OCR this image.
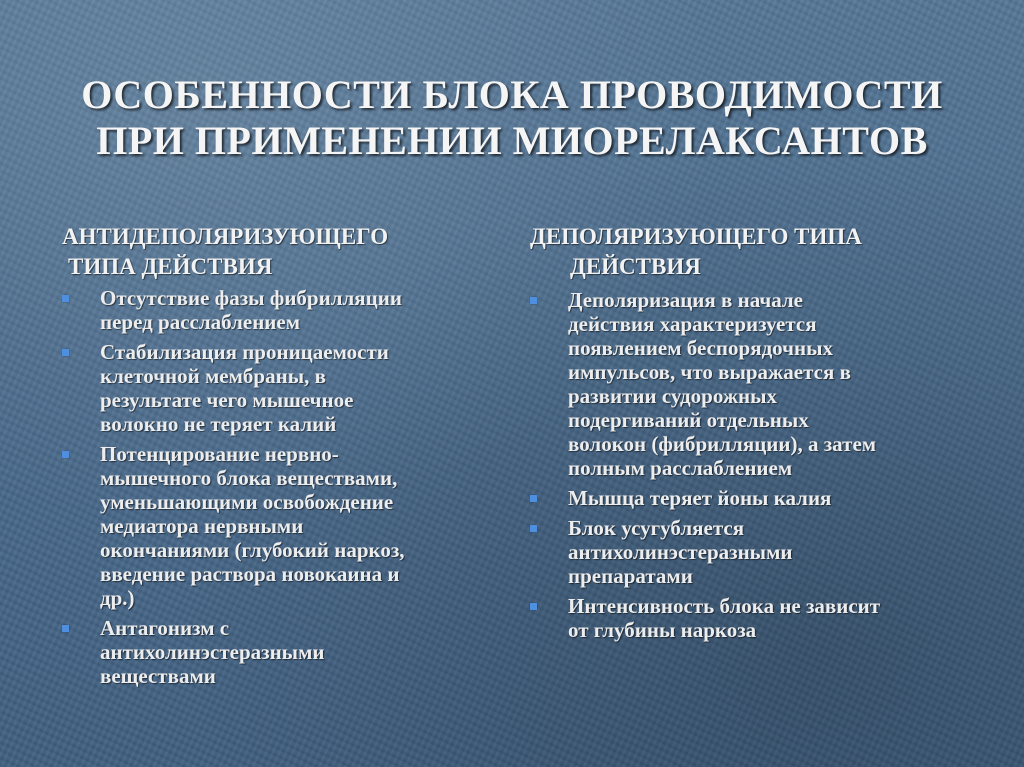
ОСОБЕННОСТИ БЛОКА ПРОВОДИМОСТИ
ПРИ ПРИМЕНЕНИИ МИОРЕЛАКСАНТОВ
АНТИДЕПОЛЯРИЗУЮЩЕГО
ТИПА ДЕЙСТВИЯ
Отсутствие фазы фибрилляции
перед расслаблением
Стабилизация проницаемости
клеточной мембраны, в
результате чего мышечное
волокно не теряет калий
Потенцирование нервно-
мышечного блока веществами,
уменьшающими освобождение
медиатора нервными
окончаниями (глубокий наркоз,
введение раствора новокаина и
др.)
Антагонизм с
антихолинэстеразными
веществами
ДЕПОЛЯРИЗУЮЩЕГО ТИПА
ДЕЙСТВИЯ
Деполяризация в начале
действия характеризуется
появлением беспорядочных
импульсов, что выражается в
развитии судорожных
подергиваний отдельных
волокон (фибрилляции), а затем
полным расслаблением
Мышца теряет йоны калия
Блок усугубляется
антихолинэстеразными
препаратами
Интенсивность блока не зависит
от глубины наркоза
